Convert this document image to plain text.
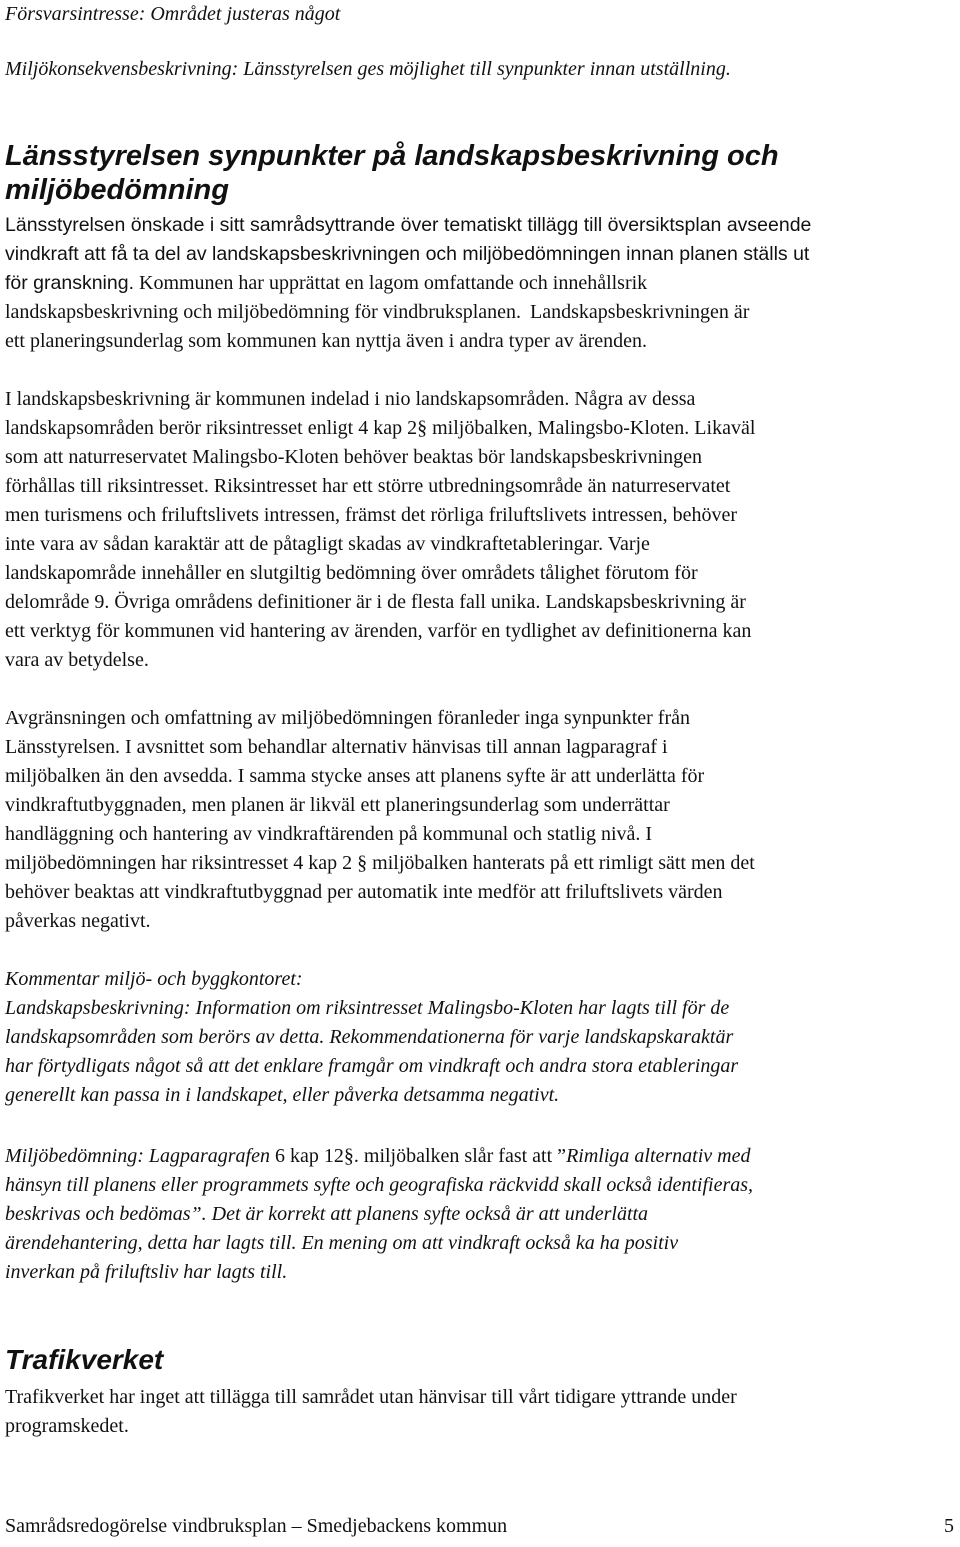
Försvarsintresse: Området justeras något

Miljökonsekvensbeskrivning: Länsstyrelsen ges möjlighet till synpunkter innan utställning.

Länsstyrelsen synpunkter på landskapsbeskrivning och

miljöbedömning

Länsstyrelsen önskade i sitt samrådsyttrande över tematiskt tillägg till översiktsplan avseende

vindkraft att få ta del av landskapsbeskrivningen och miljöbedömningen innan planen ställs ut

för granskning. Kommunen har upprättat en lagom omfattande och innehållsrik

landskapsbeskrivning och miljöbedömning för vindbruksplanen. Landskapsbeskrivningen är

ett planeringsunderlag som kommunen kan nyttja även i andra typer av ärenden.

I landskapsbeskrivning är kommunen indelad i nio landskapsområden. Några av dessa

landskapsområden berör riksintresset enligt 4 kap 2§ miljöbalken, Malingsbo-Kloten. Likaväl

som att naturreservatet Malingsbo-Kloten behöver beaktas bör landskapsbeskrivningen

förhållas till riksintresset. Riksintresset har ett större utbredningsområde än naturreservatet

men turismens och friluftslivets intressen, främst det rörliga friluftslivets intressen, behöver

inte vara av sådan karaktär att de påtagligt skadas av vindkraftetableringar. Varje

landskapområde innehåller en slutgiltig bedömning över områdets tålighet förutom för

delområde 9. Övriga områdens definitioner är i de flesta fall unika. Landskapsbeskrivning är

ett verktyg för kommunen vid hantering av ärenden, varför en tydlighet av definitionerna kan

vara av betydelse.

Avgränsningen och omfattning av miljöbedömningen föranleder inga synpunkter från

Länsstyrelsen. I avsnittet som behandlar alternativ hänvisas till annan lagparagraf i

miljöbalken än den avsedda. I samma stycke anses att planens syfte är att underlätta för

vindkraftutbyggnaden, men planen är likväl ett planeringsunderlag som underrättar

handläggning och hantering av vindkraftärenden på kommunal och statlig nivå. I

miljöbedömningen har riksintresset 4 kap 2 § miljöbalken hanterats på ett rimligt sätt men det

behöver beaktas att vindkraftutbyggnad per automatik inte medför att friluftslivets värden

påverkas negativt.

Kommentar miljö- och byggkontoret:

Landskapsbeskrivning: Information om riksintresset Malingsbo-Kloten har lagts till för de

landskapsområden som berörs av detta. Rekommendationerna för varje landskapskaraktär

har förtydligats något så att det enklare framgår om vindkraft och andra stora etableringar

generellt kan passa in i landskapet, eller påverka detsamma negativt.

Miljöbedömning: Lagparagrafen 6 kap 12§. miljöbalken slår fast att ”Rimliga alternativ med

hänsyn till planens eller programmets syfte och geografiska räckvidd skall också identifieras,

beskrivas och bedömas”. Det är korrekt att planens syfte också är att underlätta

ärendehantering, detta har lagts till. En mening om att vindkraft också ka ha positiv

inverkan på friluftsliv har lagts till.

Trafikverket

Trafikverket har inget att tillägga till samrådet utan hänvisar till vårt tidigare yttrande under

programskedet.

Samrådsredogörelse vindbruksplan – Smedjebackens kommun	5
